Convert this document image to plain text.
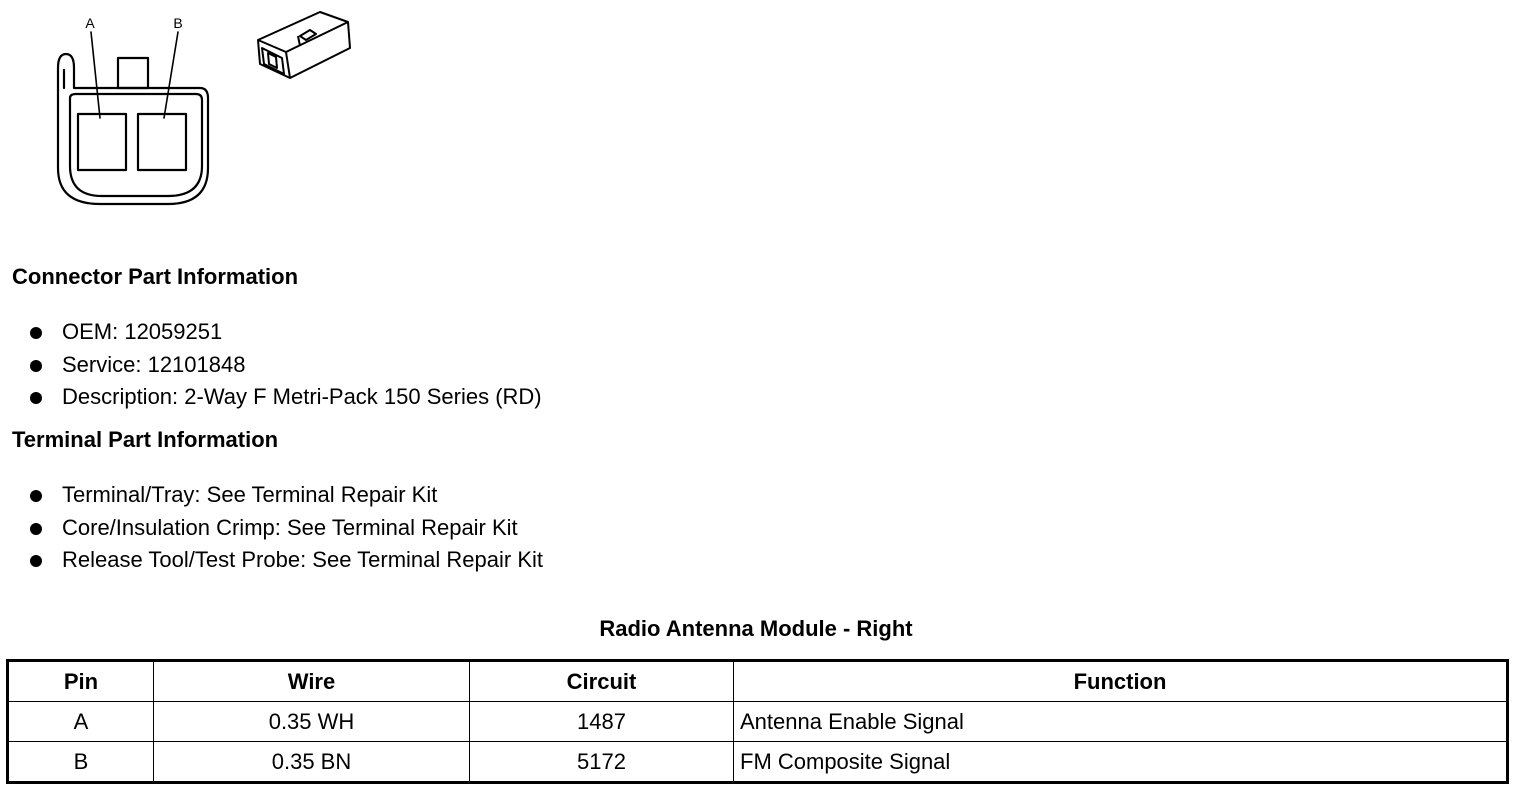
A	B
Connector Part Information
OEM: 12059251
Service: 12101848
Description: 2-Way F Metri-Pack 150 Series (RD)
Terminal Part Information
Terminal/Tray: See Terminal Repair Kit
Core/Insulation Crimp: See Terminal Repair Kit
Release Tool/Test Probe: See Terminal Repair Kit
Radio Antenna Module - Right
Pin	Wire	Circuit	Function
A	0.35 WH	1487	Antenna Enable Signal
B	0.35 BN	5172	FM Composite Signal
